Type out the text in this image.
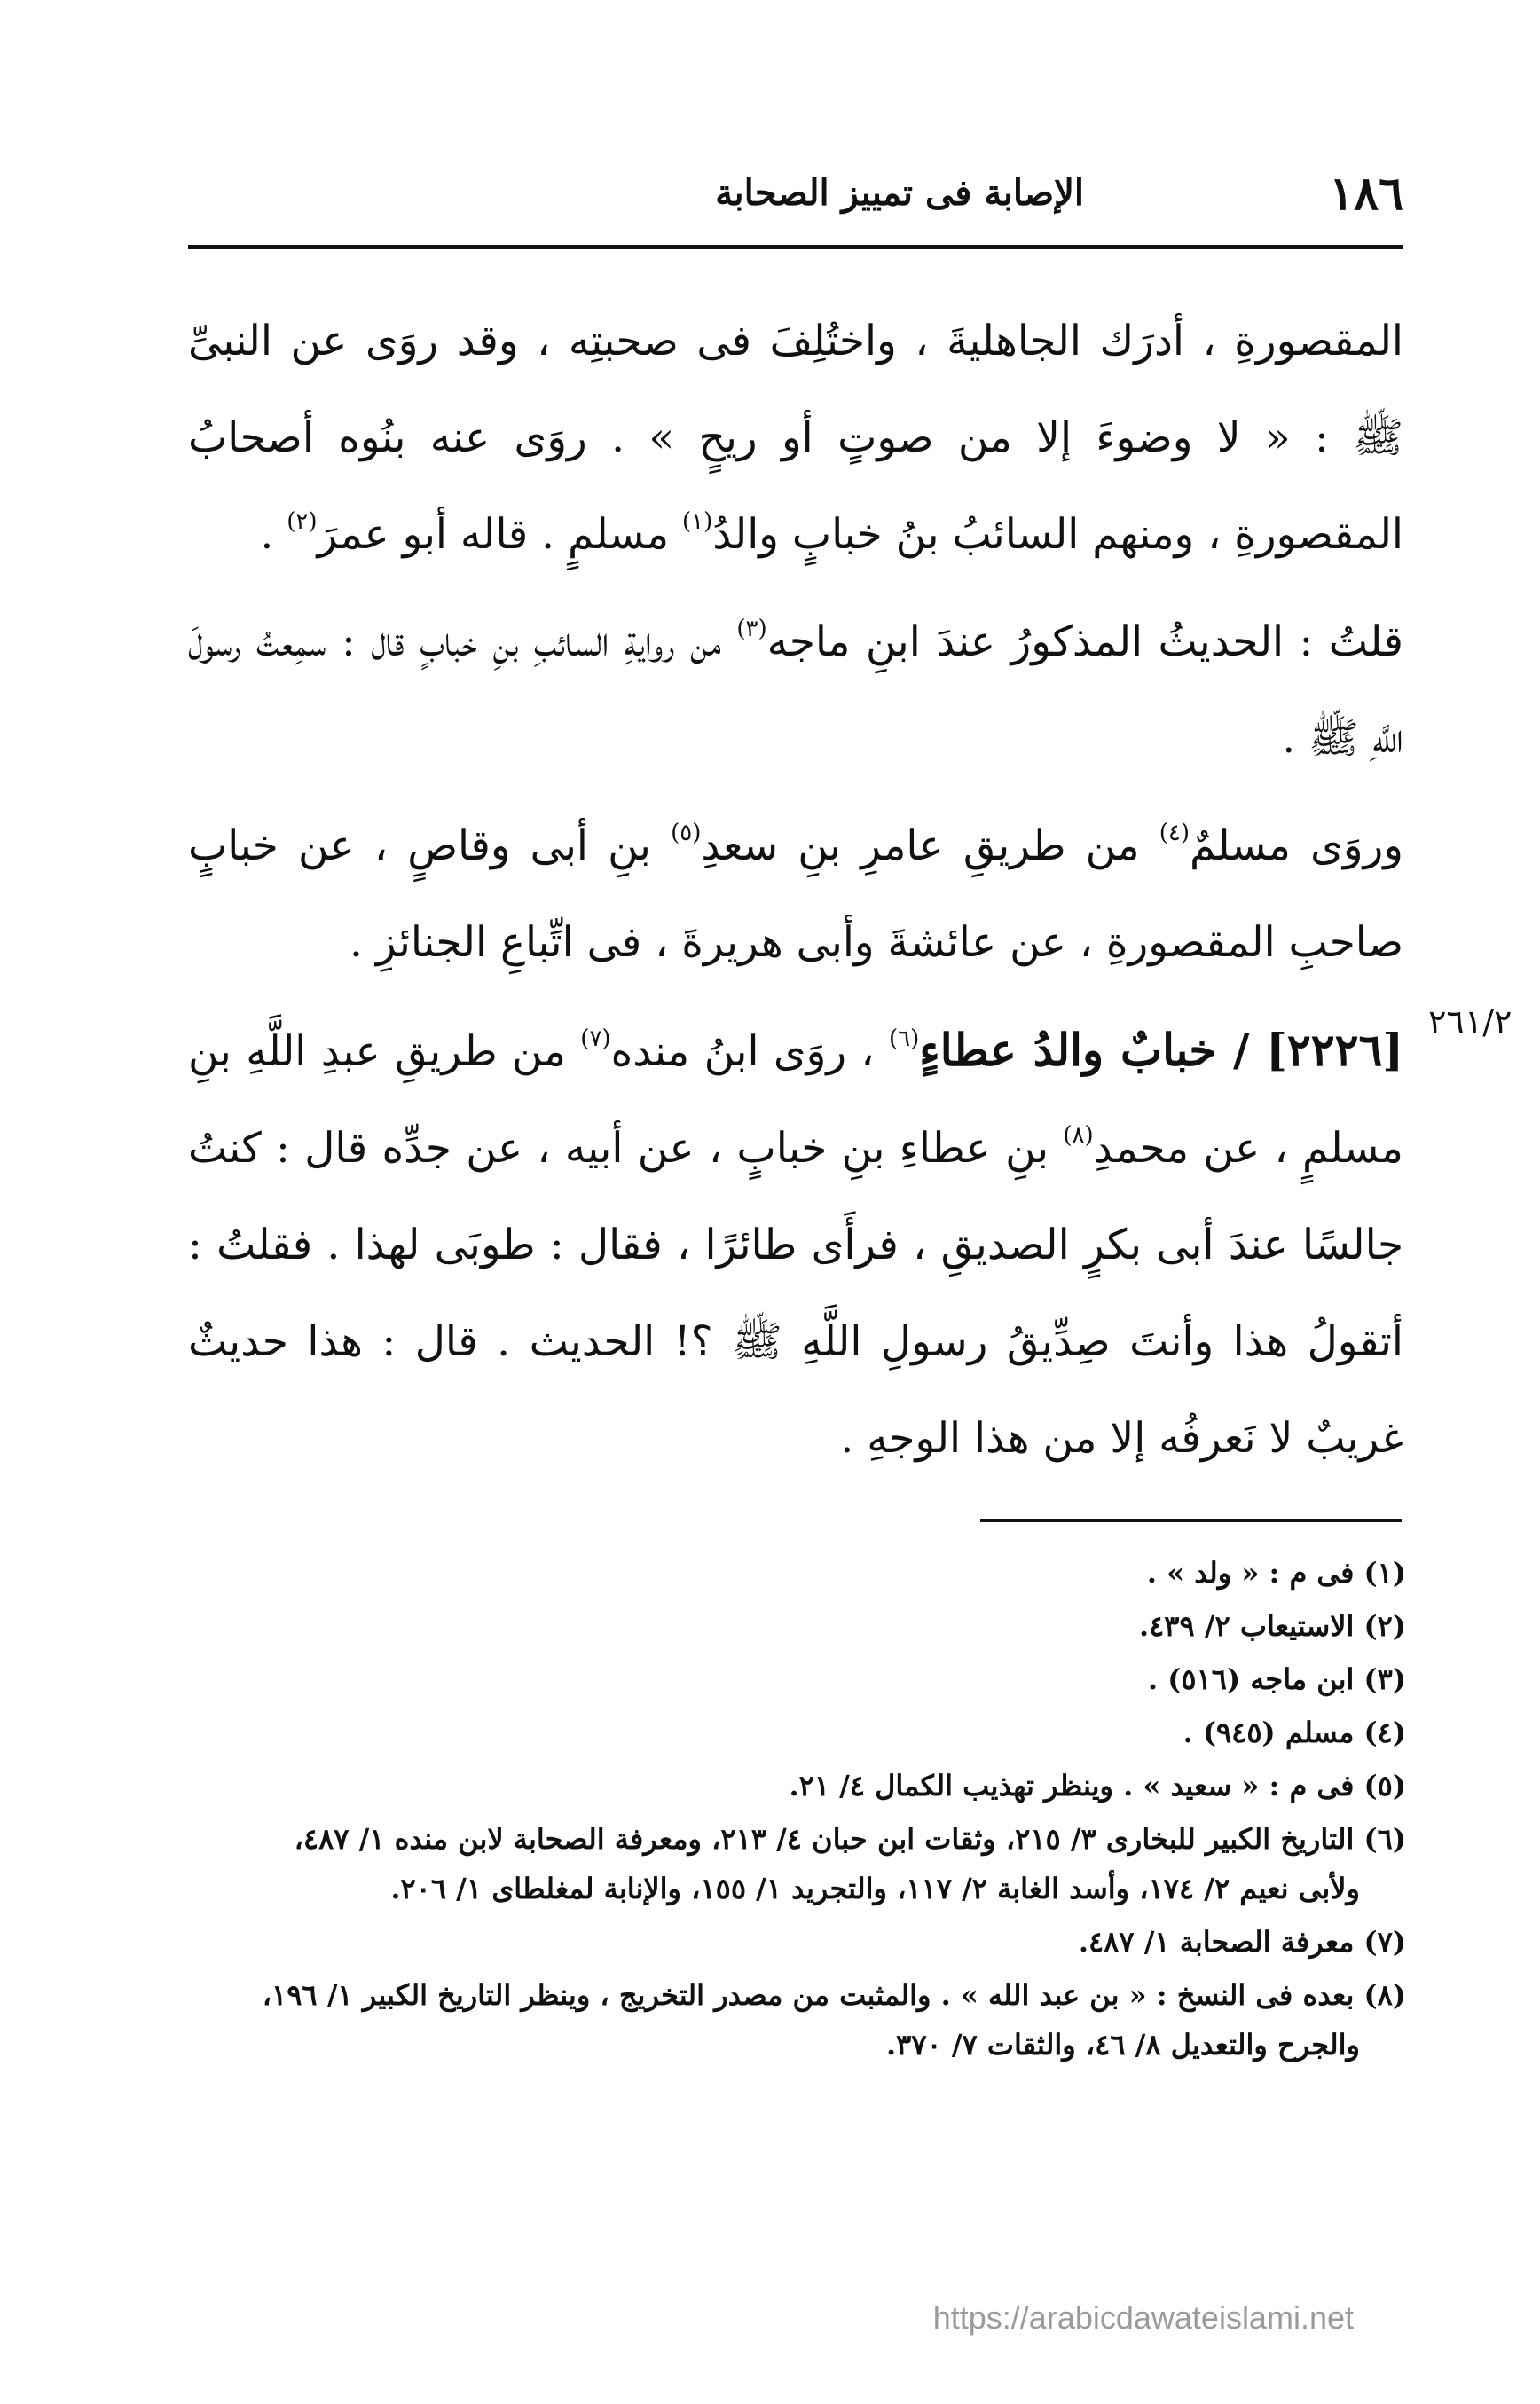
١٨٦
الإصابة فى تمييز الصحابة
٢٦١/٢

المقصورةِ ، أدرَك الجاهليةَ ، واختُلِفَ فى صحبتِه ، وقد روَى عن النبىِّ ﷺ : « لا وضوءَ إلا من صوتٍ أو ريحٍ » . روَى عنه بنُوه أصحابُ المقصورةِ ، ومنهم السائبُ بنُ خبابٍ والدُ$^{(١)}$ مسلمٍ . قاله أبو عمرَ$^{(٢)}$ .

قلتُ : الحديثُ المذكورُ عندَ ابنِ ماجه$^{(٣)}$ من روايةِ السائبِ بنِ خبابٍ قال : سمِعتُ رسولَ اللَّهِ ﷺ .

وروَى مسلمٌ$^{(٤)}$ من طريقِ عامرِ بنِ سعدِ$^{(٥)}$ بنِ أبى وقاصٍ ، عن خبابٍ صاحبِ المقصورةِ ، عن عائشةَ وأبى هريرةَ ، فى اتِّباعِ الجنائزِ .

[٢٢٢٦] / خبابٌ والدُ عطاءٍ$^{(٦)}$ ، روَى ابنُ منده$^{(٧)}$ من طريقِ عبدِ اللَّهِ بنِ مسلمٍ ، عن محمدِ$^{(٨)}$ بنِ عطاءِ بنِ خبابٍ ، عن أبيه ، عن جدِّه قال : كنتُ جالسًا عندَ أبى بكرٍ الصديقِ ، فرأَى طائرًا ، فقال : طوبَى لهذا . فقلتُ : أتقولُ هذا وأنتَ صِدِّيقُ رسولِ اللَّهِ ﷺ ؟! الحديث . قال : هذا حديثٌ غريبٌ لا نَعرفُه إلا من هذا الوجهِ .

(١) فى م : « ولد » .

(٢) الاستيعاب ٢/ ٤٣٩.

(٣) ابن ماجه (٥١٦) .

(٤) مسلم (٩٤٥) .

(٥) فى م : « سعيد » . وينظر تهذيب الكمال ٤/ ٢١.

(٦) التاريخ الكبير للبخارى ٣/ ٢١٥، وثقات ابن حبان ٤/ ٢١٣، ومعرفة الصحابة لابن منده ١/ ٤٨٧،
ولأبى نعيم ٢/ ١٧٤، وأسد الغابة ٢/ ١١٧، والتجريد ١/ ١٥٥، والإنابة لمغلطاى ١/ ٢٠٦.

(٧) معرفة الصحابة ١/ ٤٨٧.

(٨) بعده فى النسخ : « بن عبد الله » . والمثبت من مصدر التخريج ، وينظر التاريخ الكبير ١/ ١٩٦،
والجرح والتعديل ٨/ ٤٦، والثقات ٧/ ٣٧٠.

https://arabicdawateislami.net
